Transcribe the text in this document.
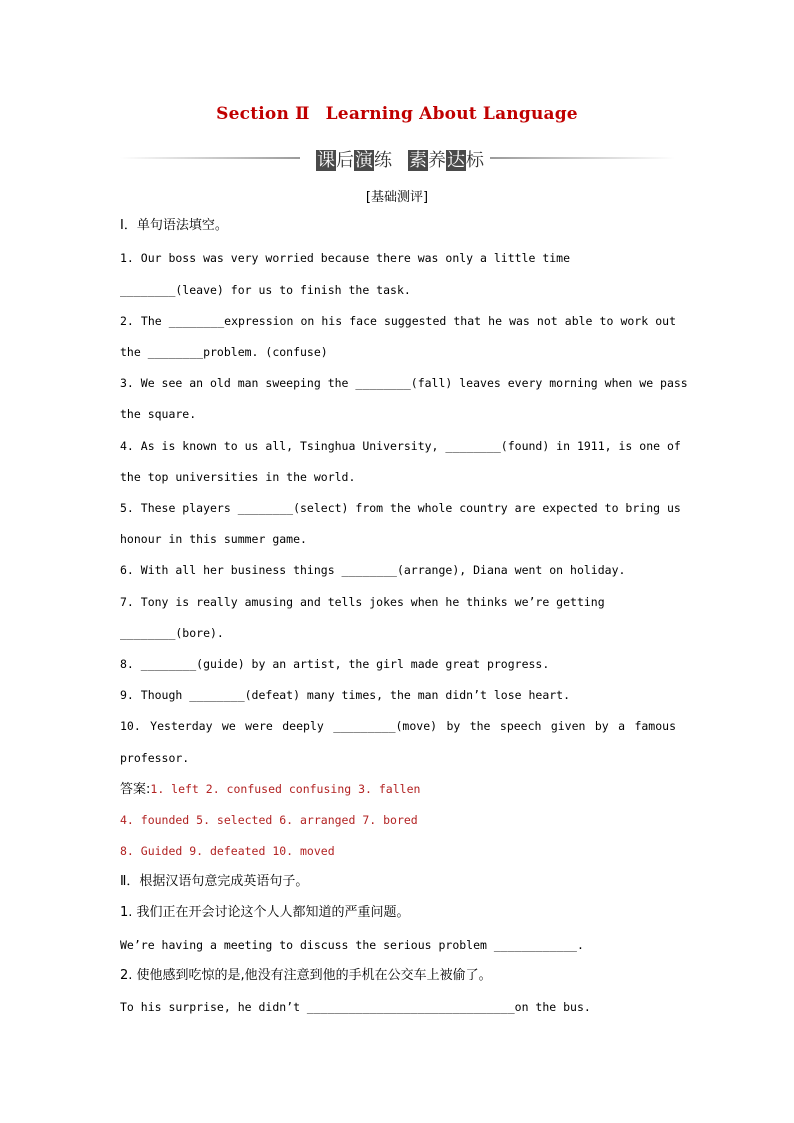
Section Ⅱ Learning About Language
课后演练 素养达标
[基础测评]
Ⅰ．单句语法填空。
1. Our boss was very worried because there was only a little time
________(leave) for us to finish the task.
2. The ________expression on his face suggested that he was not able to work out
the ________problem. (confuse)
3. We see an old man sweeping the ________(fall) leaves every morning when we pass
the square.
4. As is known to us all, Tsinghua University, ________(found) in 1911, is one of
the top universities in the world.
5. These players ________(select) from the whole country are expected to bring us
honour in this summer game.
6. With all her business things ________(arrange), Diana went on holiday.
7. Tony is really amusing and tells jokes when he thinks we’re getting
________(bore).
8. ________(guide) by an artist, the girl made great progress.
9. Though ________(defeat) many times, the man didn’t lose heart.
10. Yesterday we were deeply _________(move) by the speech given by a famous
professor.
答案:1. left 2. confused confusing 3. fallen
4. founded 5. selected 6. arranged 7. bored
8. Guided 9. defeated 10. moved
Ⅱ．根据汉语句意完成英语句子。
1. 我们正在开会讨论这个人人都知道的严重问题。
We’re having a meeting to discuss the serious problem ____________.
2. 使他感到吃惊的是,他没有注意到他的手机在公交车上被偷了。
To his surprise, he didn’t ______________________________on the bus.
